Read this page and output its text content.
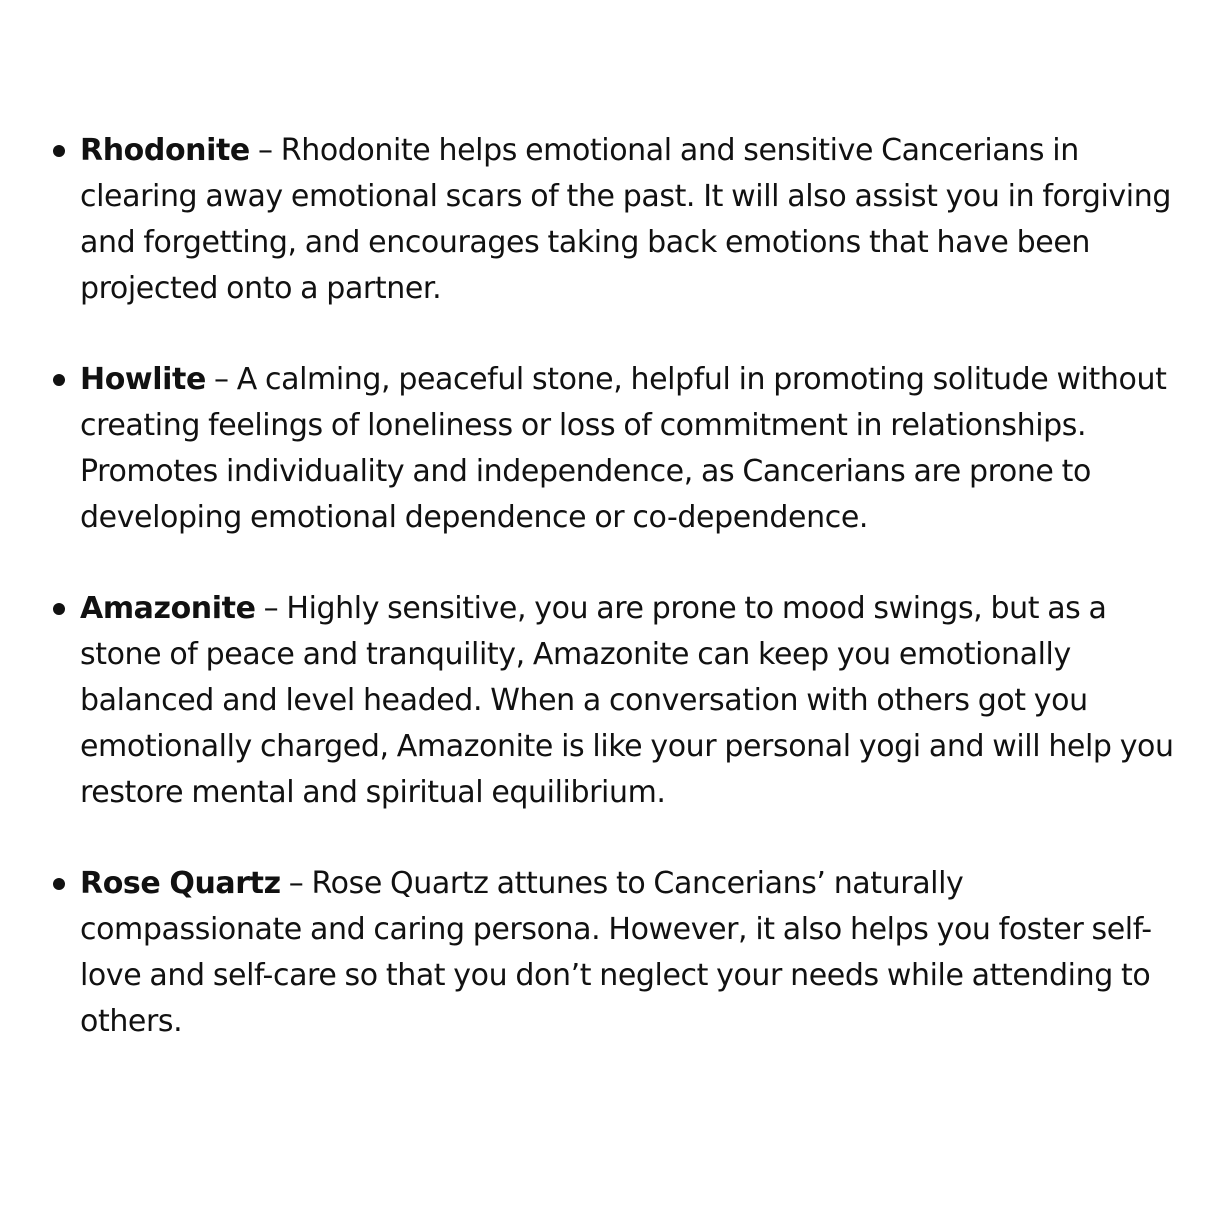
Rhodonite – Rhodonite helps emotional and sensitive Cancerians in clearing away emotional scars of the past. It will also assist you in forgiving and forgetting, and encourages taking back emotions that have been projected onto a partner.
Howlite – A calming, peaceful stone, helpful in promoting solitude without creating feelings of loneliness or loss of commitment in relationships. Promotes individuality and independence, as Cancerians are prone to developing emotional dependence or co-dependence.
Amazonite – Highly sensitive, you are prone to mood swings, but as a stone of peace and tranquility, Amazonite can keep you emotionally balanced and level headed. When a conversation with others got you emotionally charged, Amazonite is like your personal yogi and will help you restore mental and spiritual equilibrium.
Rose Quartz – Rose Quartz attunes to Cancerians’ naturally compassionate and caring persona. However, it also helps you foster self-love and self-care so that you don’t neglect your needs while attending to others.
